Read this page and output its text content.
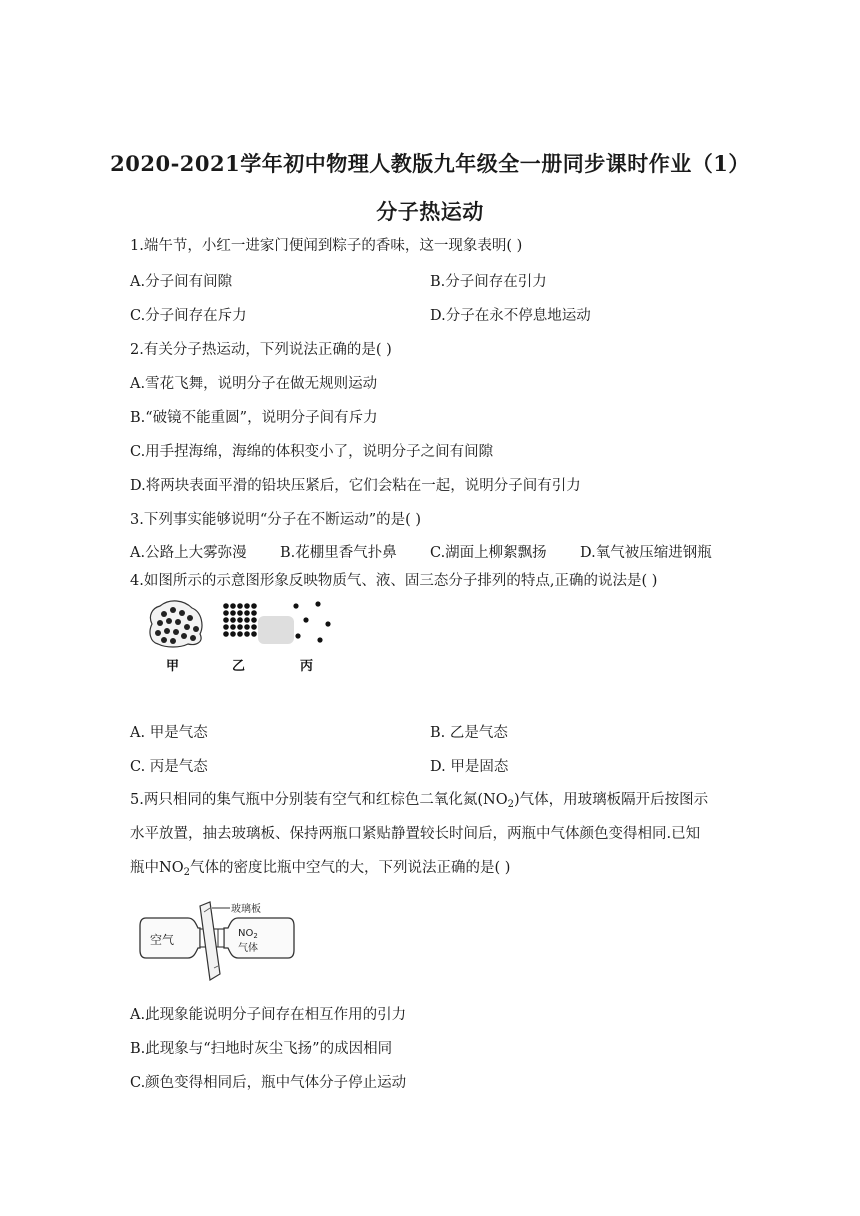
2020-2021学年初中物理人教版九年级全一册同步课时作业（1）
分子热运动
1.端午节，小红一进家门便闻到粽子的香味，这一现象表明( )
A.分子间有间隙	B.分子间存在引力
C.分子间存在斥力	D.分子在永不停息地运动
2.有关分子热运动，下列说法正确的是( )
A.雪花飞舞，说明分子在做无规则运动
B.“破镜不能重圆”，说明分子间有斥力
C.用手捏海绵，海绵的体积变小了，说明分子之间有间隙
D.将两块表面平滑的铅块压紧后，它们会粘在一起，说明分子间有引力
3.下列事实能够说明“分子在不断运动”的是( )
A.公路上大雾弥漫 B.花棚里香气扑鼻 C.湖面上柳絮飘扬 D.氧气被压缩进钢瓶
4.如图所示的示意图形象反映物质气、液、固三态分子排列的特点,正确的说法是( )
甲	乙	丙
A. 甲是气态	B. 乙是气态
C. 丙是气态	D. 甲是固态
5.两只相同的集气瓶中分别装有空气和红棕色二氧化氮$(NO_2)$气体，用玻璃板隔开后按图示
水平放置，抽去玻璃板、保持两瓶口紧贴静置较长时间后，两瓶中气体颜色变得相同.已知
瓶中$NO_2$气体的密度比瓶中空气的大，下列说法正确的是( )
玻璃板
空气	$NO_2$
气体
A.此现象能说明分子间存在相互作用的引力
B.此现象与“扫地时灰尘飞扬”的成因相同
C.颜色变得相同后，瓶中气体分子停止运动
